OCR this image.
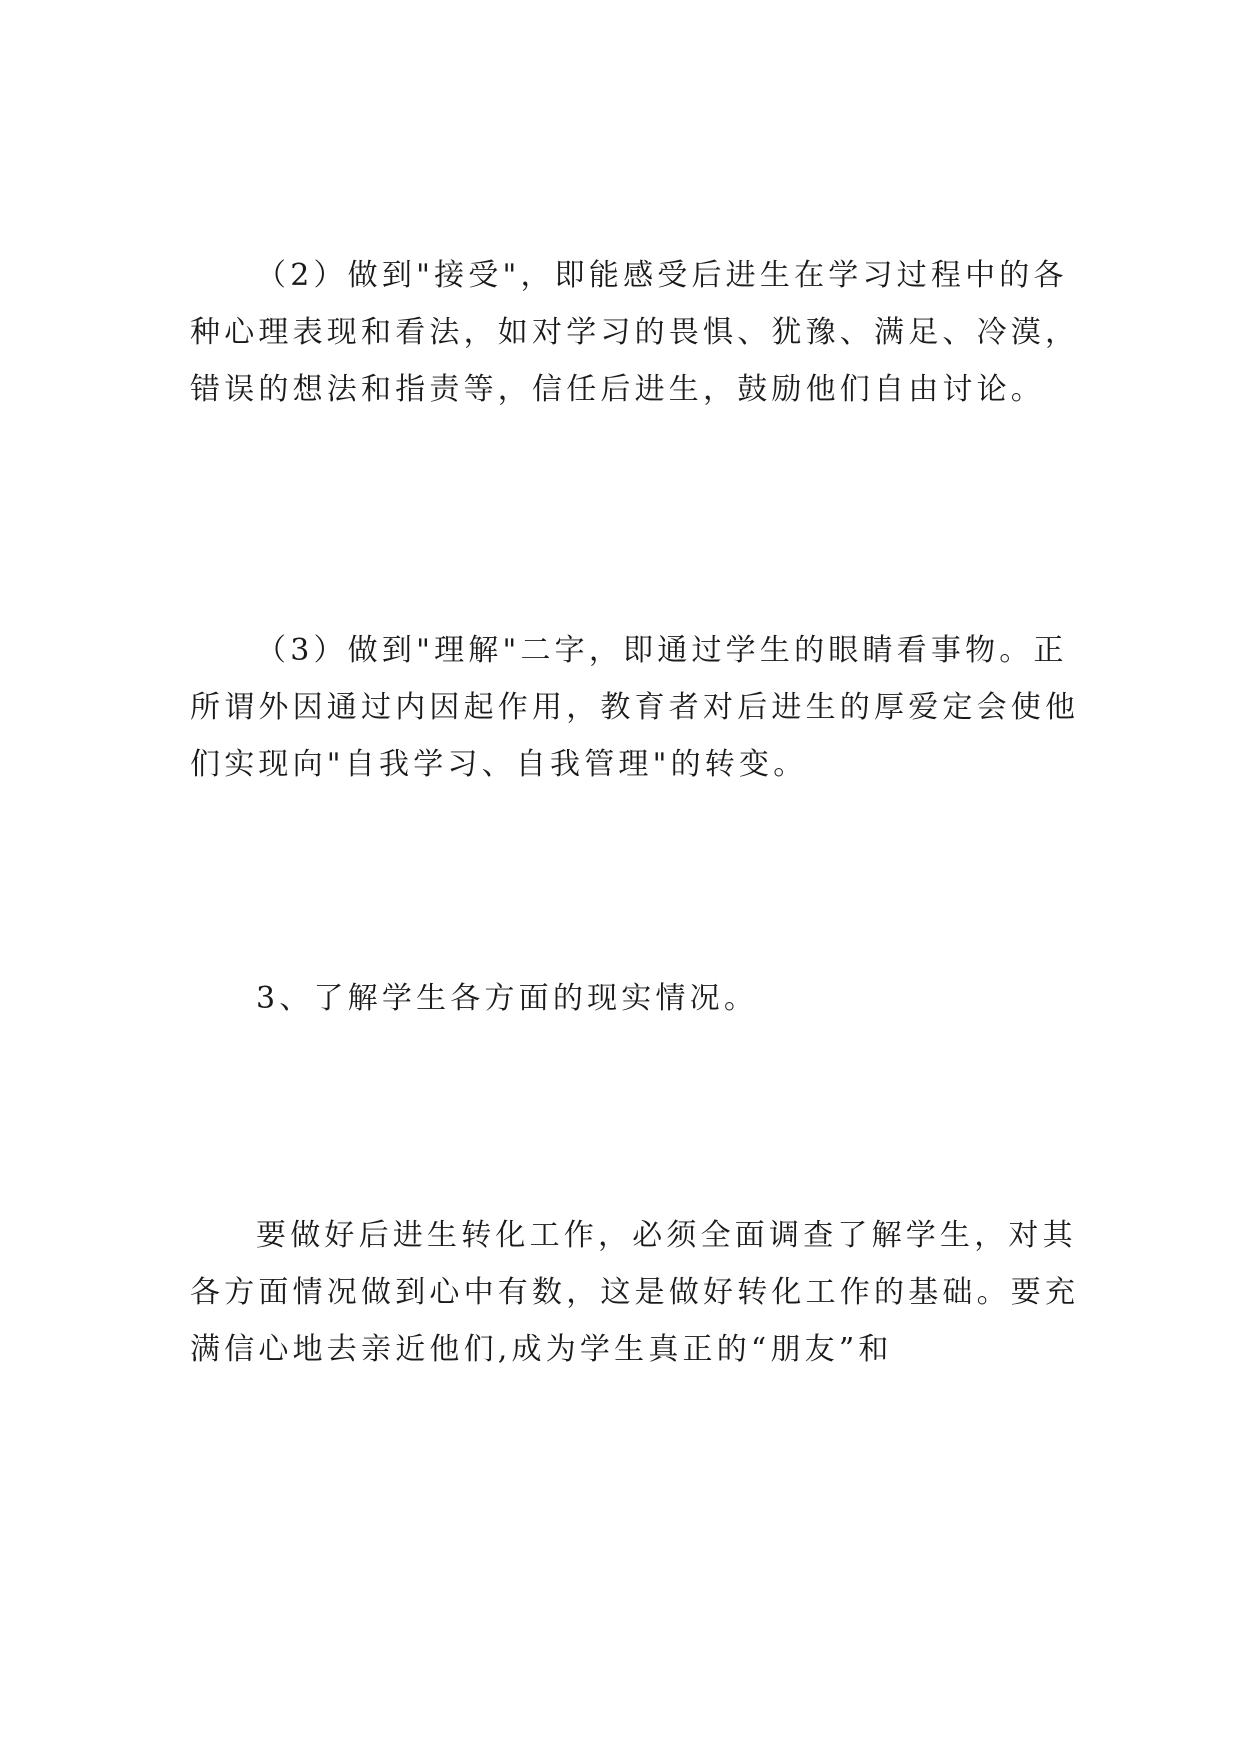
（2）做到"接受"，即能感受后进生在学习过程中的各
种心理表现和看法，如对学习的畏惧、犹豫、满足、冷漠，
错误的想法和指责等，信任后进生，鼓励他们自由讨论。
（3）做到"理解"二字，即通过学生的眼睛看事物。正
所谓外因通过内因起作用，教育者对后进生的厚爱定会使他
们实现向"自我学习、自我管理"的转变。
3、了解学生各方面的现实情况。
要做好后进生转化工作，必须全面调查了解学生，对其
各方面情况做到心中有数，这是做好转化工作的基础。要充
满信心地去亲近他们,成为学生真正的“朋友”和
